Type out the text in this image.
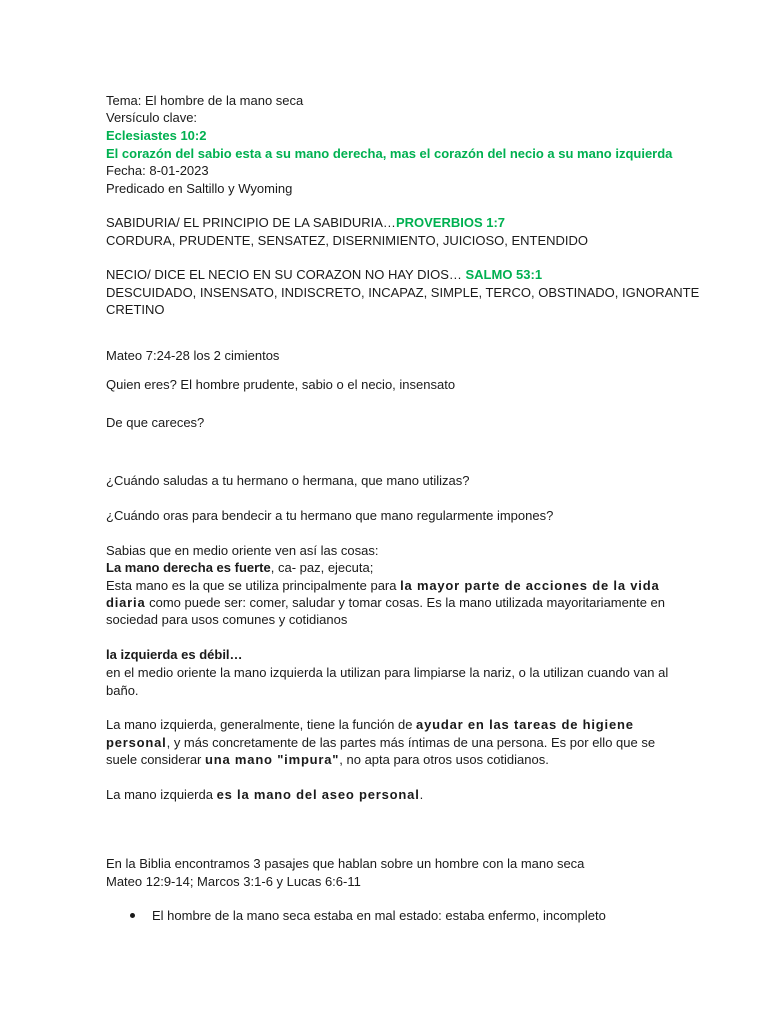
Tema: El hombre de la mano seca

Versículo clave:

Eclesiastes 10:2

El corazón del sabio esta a su mano derecha, mas el corazón del necio a su mano izquierda

Fecha: 8-01-2023

Predicado en Saltillo y Wyoming

SABIDURIA/ EL PRINCIPIO DE LA SABIDURIA…PROVERBIOS 1:7

CORDURA, PRUDENTE, SENSATEZ, DISERNIMIENTO, JUICIOSO, ENTENDIDO

NECIO/ DICE EL NECIO EN SU CORAZON NO HAY DIOS… SALMO 53:1

DESCUIDADO, INSENSATO, INDISCRETO, INCAPAZ, SIMPLE, TERCO, OBSTINADO, IGNORANTE

CRETINO

Mateo 7:24-28 los 2 cimientos

Quien eres? El hombre prudente, sabio o el necio, insensato

De que careces?

¿Cuándo saludas a tu hermano o hermana, que mano utilizas?

¿Cuándo oras para bendecir a tu hermano que mano regularmente impones?

Sabias que en medio oriente ven así las cosas:

La mano derecha es fuerte, ca- paz, ejecuta;

Esta mano es la que se utiliza principalmente para la mayor parte de acciones de la vida

diaria como puede ser: comer, saludar y tomar cosas. Es la mano utilizada mayoritariamente en

sociedad para usos comunes y cotidianos

la izquierda es débil…

en el medio oriente la mano izquierda la utilizan para limpiarse la nariz, o la utilizan cuando van al

baño.

La mano izquierda, generalmente, tiene la función de ayudar en las tareas de higiene

personal, y más concretamente de las partes más íntimas de una persona. Es por ello que se

suele considerar una mano "impura", no apta para otros usos cotidianos.

La mano izquierda es la mano del aseo personal.

En la Biblia encontramos 3 pasajes que hablan sobre un hombre con la mano seca

Mateo 12:9-14; Marcos 3:1-6 y Lucas 6:6-11

El hombre de la mano seca estaba en mal estado: estaba enfermo, incompleto
